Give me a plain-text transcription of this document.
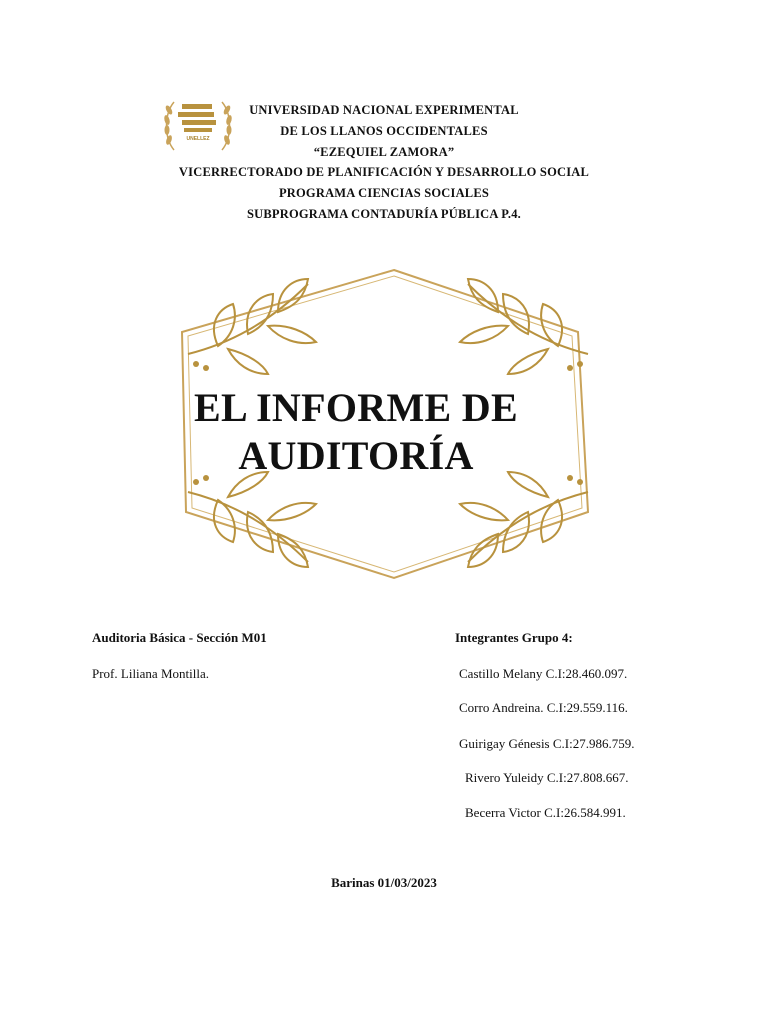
UNELLEZ
UNIVERSIDAD NACIONAL EXPERIMENTAL
DE LOS LLANOS OCCIDENTALES
“EZEQUIEL ZAMORA”
VICERRECTORADO DE PLANIFICACIÓN Y DESARROLLO SOCIAL
PROGRAMA CIENCIAS SOCIALES
SUBPROGRAMA CONTADURÍA PÚBLICA P.4.
EL INFORME DE
AUDITORÍA
Auditoria Básica - Sección M01
Prof. Liliana Montilla.
Integrantes Grupo 4:
Castillo Melany C.I:28.460.097.
Corro Andreina. C.I:29.559.116.
Guirigay Génesis C.I:27.986.759.
Rivero Yuleidy C.I:27.808.667.
Becerra Victor C.I:26.584.991.
Barinas 01/03/2023
